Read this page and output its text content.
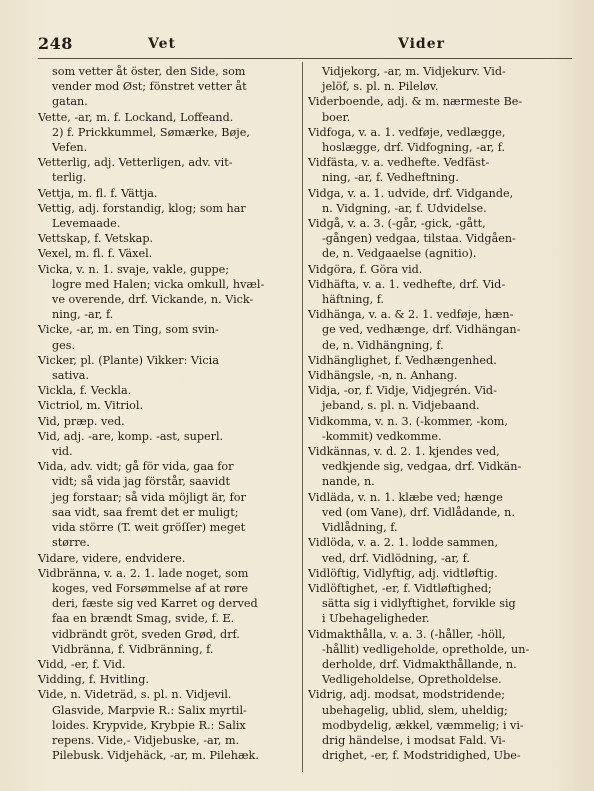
248	Vet	Vider
som vetter åt öster, den Side, som
vender mod Øst; fönstret vetter åt
gatan.
Vette, -ar, m. f. Lockand, Loffeand.
2) f. Prickkummel, Sømærke, Bøje,
Vefen.
Vetterlig, adj. Vetterligen, adv. vit-
terlig.
Vettja, m. fl. f. Vättja.
Vettig, adj. forstandig, klog; som har
Levemaade.
Vettskap, f. Vetskap.
Vexel, m. fl. f. Växel.
Vicka, v. n. 1. svaje, vakle, guppe;
logre med Halen; vicka omkull, hvæl-
ve overende, drf. Vickande, n. Vick-
ning, -ar, f.
Vicke, -ar, m. en Ting, som svin-
ges.
Vicker, pl. (Plante) Vikker: Vicia
sativa.
Vickla, f. Veckla.
Victriol, m. Vitriol.
Vid, præp. ved.
Vid, adj. -are, komp. -ast, superl.
vid.
Vida, adv. vidt; gå för vida, gaa for
vidt; så vida jag förstår, saavidt
jeg forstaar; så vida möjligt är, for
saa vidt, saa fremt det er muligt;
vida större (T. weit gröſſer) meget
større.
Vidare, videre, endvidere.
Vidbränna, v. a. 2. 1. lade noget, som
koges, ved Forsømmelse af at røre
deri, fæste sig ved Karret og derved
faa en brændt Smag, svide, f. E.
vidbrändt gröt, sveden Grød, drf.
Vidbränna, f. Vidbränning, f.
Vidd, -er, f. Vid.
Vidding, f. Hvitling.
Vide, n. Videträd, s. pl. n. Vidjevil.
Glasvide, Marpvie R.: Salix myrtil-
loides. Krypvide, Krybpie R.: Salix
repens. Vide,- Vidjebuske, -ar, m.
Pilebusk. Vidjehäck, -ar, m. Pilehæk.
Vidjekorg, -ar, m. Vidjekurv. Vid-
jelöf, s. pl. n. Pileløv.
Viderboende, adj. & m. nærmeste Be-
boer.
Vidfoga, v. a. 1. vedføje, vedlægge,
hoslægge, drf. Vidfogning, -ar, f.
Vidfästa, v. a. vedhefte. Vedfäst-
ning, -ar, f. Vedheftning.
Vidga, v. a. 1. udvide, drf. Vidgande,
n. Vidgning, -ar, f. Udvidelse.
Vidgå, v. a. 3. (-går, -gick, -gått,
-gången) vedgaa, tilstaa. Vidgåen-
de, n. Vedgaaelse (agnitio).
Vidgöra, f. Göra vid.
Vidhäfta, v. a. 1. vedhefte, drf. Vid-
häftning, f.
Vidhänga, v. a. & 2. 1. vedføje, hæn-
ge ved, vedhænge, drf. Vidhängan-
de, n. Vidhängning, f.
Vidhänglighet, f. Vedhængenhed.
Vidhängsle, -n, n. Anhang.
Vidja, -or, f. Vidje, Vidjegrén. Vid-
jeband, s. pl. n. Vidjebaand.
Vidkomma, v. n. 3. (-kommer, -kom,
-kommit) vedkomme.
Vidkännas, v. d. 2. 1. kjendes ved,
vedkjende sig, vedgaa, drf. Vidkän-
nande, n.
Vidläda, v. n. 1. klæbe ved; hænge
ved (om Vane), drf. Vidlådande, n.
Vidlådning, f.
Vidlöda, v. a. 2. 1. lodde sammen,
ved, drf. Vidlödning, -ar, f.
Vidlöftig, Vidlyftig, adj. vidtløftig.
Vidlöftighet, -er, f. Vidtløftighed;
sätta sig i vidlyftighet, forvikle sig
i Ubehageligheder.
Vidmakthålla, v. a. 3. (-håller, -höll,
-hållit) vedligeholde, opretholde, un-
derholde, drf. Vidmakthållande, n.
Vedligeholdelse, Opretholdelse.
Vidrig, adj. modsat, modstridende;
ubehagelig, ublid, slem, uheldig;
modbydelig, ækkel, væmmelig; i vi-
drig händelse, i modsat Fald. Vi-
drighet, -er, f. Modstridighed, Ube-
